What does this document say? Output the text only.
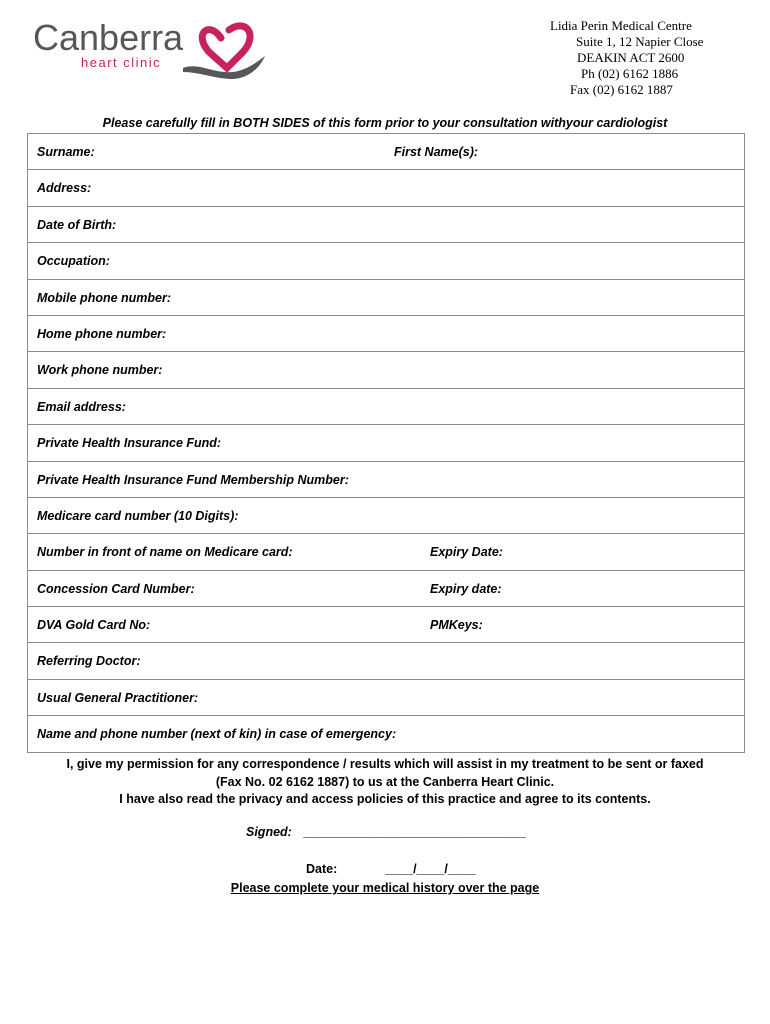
Canberra
heart clinic
Lidia Perin Medical Centre
Suite 1, 12 Napier Close
DEAKIN ACT 2600
Ph (02) 6162 1886
Fax (02) 6162 1887
Please carefully fill in BOTH SIDES of this form prior to your consultation withyour cardiologist
Surname:	First Name(s):
Address:
Date of Birth:
Occupation:
Mobile phone number:
Home phone number:
Work phone number:
Email address:
Private Health Insurance Fund:
Private Health Insurance Fund Membership Number:
Medicare card number (10 Digits):
Number in front of name on Medicare card:	Expiry Date:
Concession Card Number:	Expiry date:
DVA Gold Card No:	PMKeys:
Referring Doctor:
Usual General Practitioner:
Name and phone number (next of kin) in case of emergency:
I, give my permission for any correspondence / results which will assist in my treatment to be sent or faxed
(Fax No. 02 6162 1887) to us at the Canberra Heart Clinic.
I have also read the privacy and access policies of this practice and agree to its contents.
Signed: ________________________________
Date:	____/____/____
Please complete your medical history over the page
